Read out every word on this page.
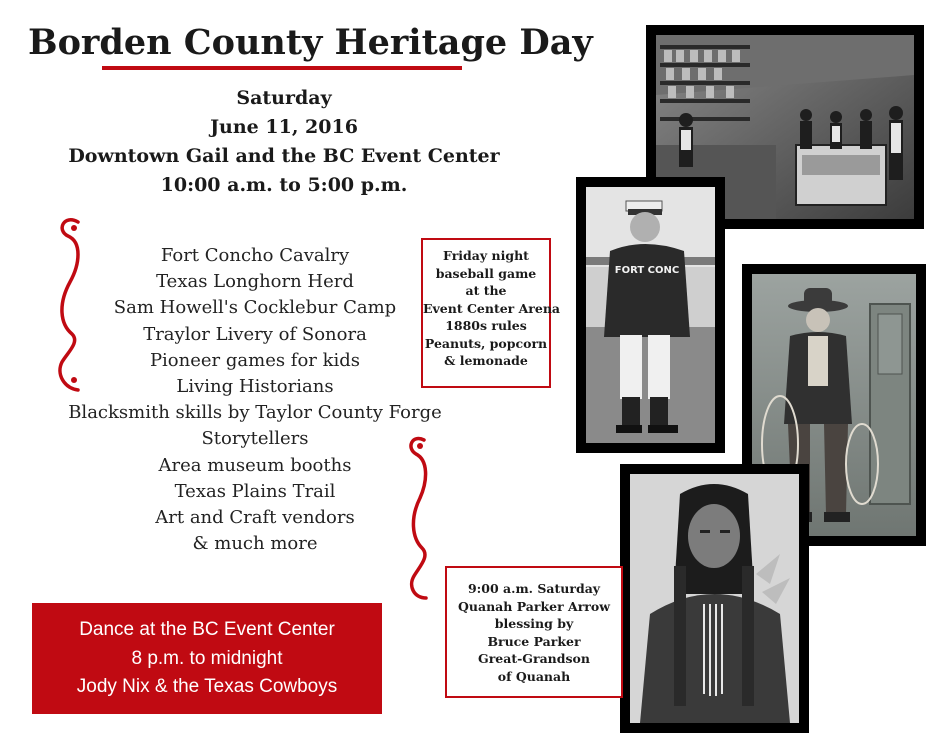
Borden County Heritage Day
Saturday
June 11, 2016
Downtown Gail and the BC Event Center
10:00 a.m. to 5:00 p.m.
Fort Concho Cavalry
Texas Longhorn Herd
Sam Howell's Cocklebur Camp
Traylor Livery of Sonora
Pioneer games for kids
Living Historians
Blacksmith skills by Taylor County Forge
Storytellers
Area museum booths
Texas Plains Trail
Art and Craft vendors
& much more
Dance at the BC Event Center
8 p.m. to midnight
Jody Nix & the Texas Cowboys
FORT CONC
Friday night
baseball game
at the
Event Center Arena
1880s rules
Peanuts, popcorn
& lemonade
9:00 a.m. Saturday
Quanah Parker Arrow
blessing by
Bruce Parker
Great-Grandson
of Quanah
